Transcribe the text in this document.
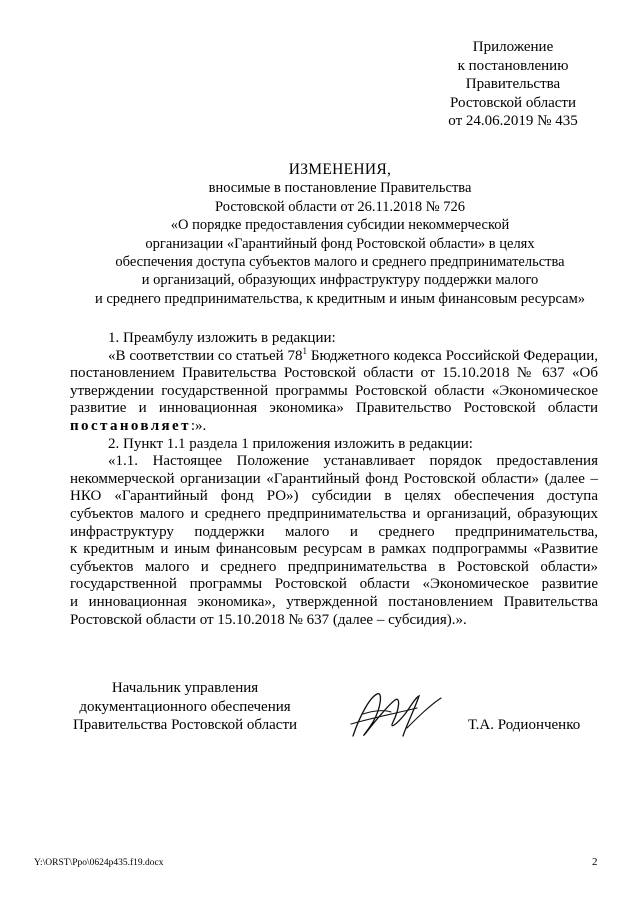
Приложение
к постановлению
Правительства
Ростовской области
от 24.06.2019 № 435
ИЗМЕНЕНИЯ,
вносимые в постановление Правительства
Ростовской области от 26.11.2018 № 726
«О порядке предоставления субсидии некоммерческой
организации «Гарантийный фонд Ростовской области» в целях
обеспечения доступа субъектов малого и среднего предпринимательства
и организаций, образующих инфраструктуру поддержки малого
и среднего предпринимательства, к кредитным и иным финансовым ресурсам»

1. Преамбулу изложить в редакции:

«В соответствии со статьей $78^1$ Бюджетного кодекса Российской Федерации, постановлением Правительства Ростовской области от 15.10.2018 № 637 «Об утверждении государственной программы Ростовской области «Экономическое развитие и инновационная экономика» Правительство Ростовской области постановляет:».

2. Пункт 1.1 раздела 1 приложения изложить в редакции:

«1.1. Настоящее Положение устанавливает порядок предоставления
некоммерческой организации «Гарантийный фонд Ростовской области» (далее –
НКО «Гарантийный фонд РО») субсидии в целях обеспечения доступа
субъектов малого и среднего предпринимательства и организаций, образующих
инфраструктуру поддержки малого и среднего предпринимательства,
к кредитным и иным финансовым ресурсам в рамках подпрограммы «Развитие
субъектов малого и среднего предпринимательства в Ростовской области»
государственной программы Ростовской области «Экономическое развитие
и инновационная экономика», утвержденной постановлением Правительства
Ростовской области от 15.10.2018 № 637 (далее – субсидия).».
Начальник управления
документационного обеспечения
Правительства Ростовской области	Т.А. Родионченко
Y:\ORST\Ppo\0624p435.f19.docx	2
